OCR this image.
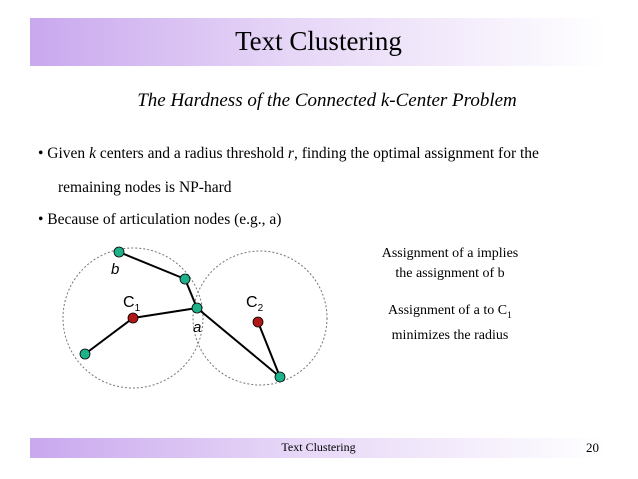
Text Clustering
The Hardness of the Connected k-Center Problem
• Given k centers and a radius threshold r, finding the optimal assignment for the
remaining nodes is NP-hard
• Because of articulation nodes (e.g., a)
b
a
$C_1$	$C_2$
Assignment of a implies
the assignment of b
Assignment of a to $C_1$
minimizes the radius
Text Clustering	20
